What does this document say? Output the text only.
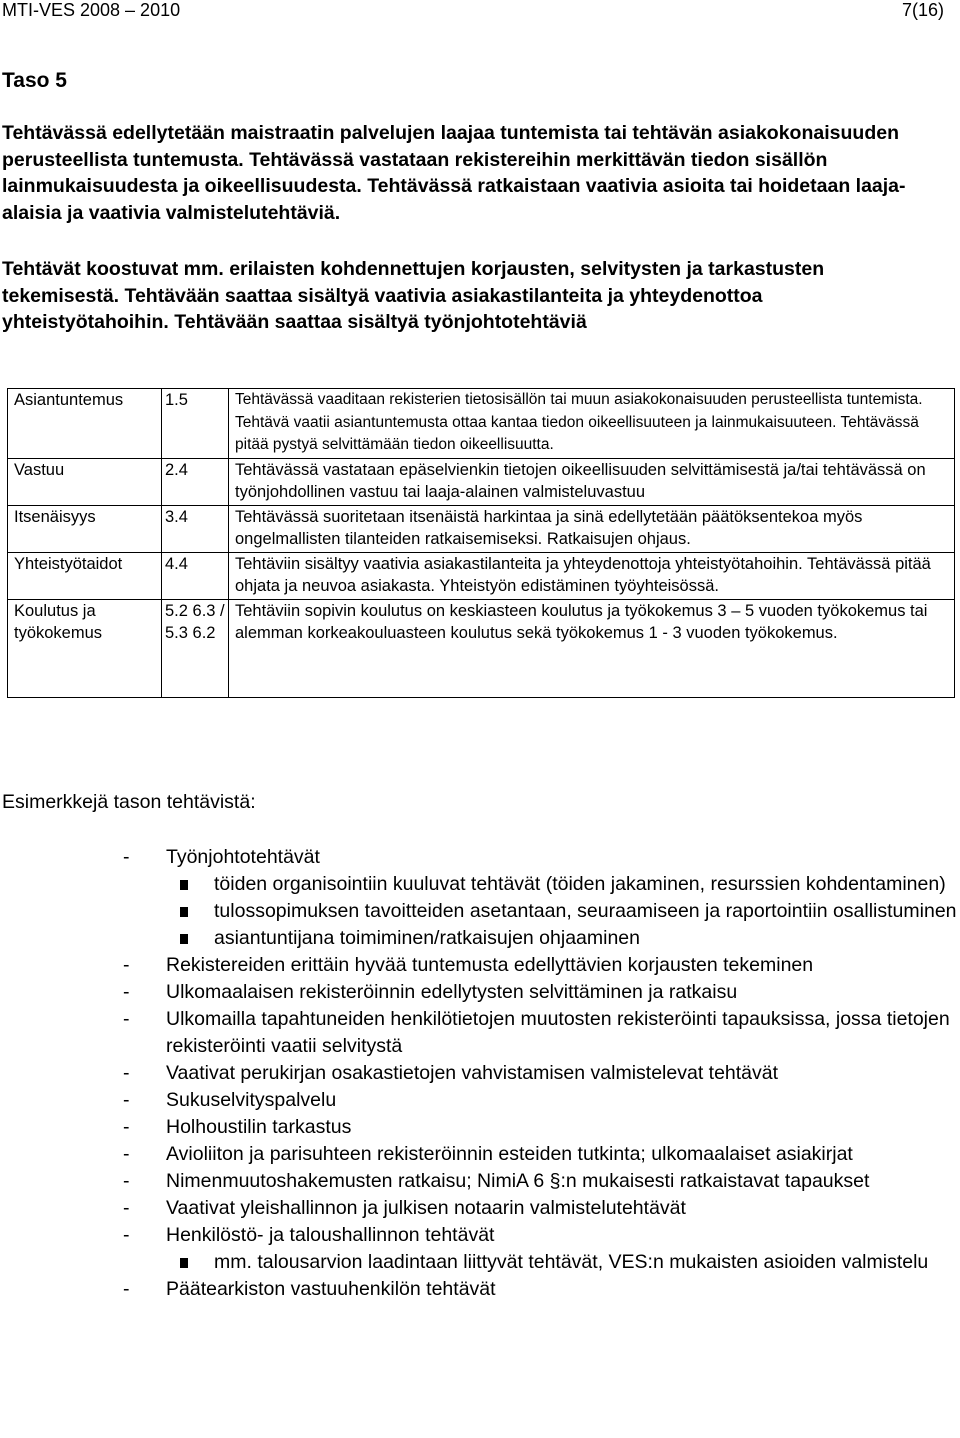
MTI-VES 2008 – 2010	7(16)
Taso 5
Tehtävässä edellytetään maistraatin palvelujen laajaa tuntemista tai tehtävän asiakokonaisuuden perusteellista tuntemusta. Tehtävässä vastataan rekistereihin merkittävän tiedon sisällön lainmukaisuudesta ja oikeellisuudesta. Tehtävässä ratkaistaan vaativia asioita tai hoidetaan laaja-alaisia ja vaativia valmistelutehtäviä.
Tehtävät koostuvat mm. erilaisten kohdennettujen korjausten, selvitysten ja tarkastusten tekemisestä. Tehtävään saattaa sisältyä vaativia asiakastilanteita ja yhteydenottoa yhteistyötahoihin. Tehtävään saattaa sisältyä työnjohtotehtäviä
Asiantuntemus	1.5	Tehtävässä vaaditaan rekisterien tietosisällön tai muun asiakokonaisuuden perusteellista tuntemista. Tehtävä vaatii asiantuntemusta ottaa kantaa tiedon oikeellisuuteen ja lainmukaisuuteen. Tehtävässä pitää pystyä selvittämään tiedon oikeellisuutta.
Vastuu	2.4	Tehtävässä vastataan epäselvienkin tietojen oikeellisuuden selvittämisestä ja/tai tehtävässä on työnjohdollinen vastuu tai laaja-alainen valmisteluvastuu
Itsenäisyys	3.4	Tehtävässä suoritetaan itsenäistä harkintaa ja sinä edellytetään päätöksentekoa myös ongelmallisten tilanteiden ratkaisemiseksi. Ratkaisujen ohjaus.
Yhteistyötaidot	4.4	Tehtäviin sisältyy vaativia asiakastilanteita ja yhteydenottoja yhteistyötahoihin. Tehtävässä pitää ohjata ja neuvoa asiakasta. Yhteistyön edistäminen työyhteisössä.
Koulutus ja työkokemus	5.2 6.3 / 5.3 6.2	Tehtäviin sopivin koulutus on keskiasteen koulutus ja työkokemus 3 – 5 vuoden työkokemus tai alemman korkeakouluasteen koulutus sekä työkokemus 1 - 3 vuoden työkokemus.
Esimerkkejä tason tehtävistä:
- Työnjohtotehtävät
töiden organisointiin kuuluvat tehtävät (töiden jakaminen, resurssien kohdentaminen)
tulossopimuksen tavoitteiden asetantaan, seuraamiseen ja raportointiin osallistuminen
asiantuntijana toimiminen/ratkaisujen ohjaaminen
- Rekistereiden erittäin hyvää tuntemusta edellyttävien korjausten tekeminen
- Ulkomaalaisen rekisteröinnin edellytysten selvittäminen ja ratkaisu
- Ulkomailla tapahtuneiden henkilötietojen muutosten rekisteröinti tapauksissa, jossa tietojen rekisteröinti vaatii selvitystä
- Vaativat perukirjan osakastietojen vahvistamisen valmistelevat tehtävät
- Sukuselvityspalvelu
- Holhoustilin tarkastus
- Avioliiton ja parisuhteen rekisteröinnin esteiden tutkinta; ulkomaalaiset asiakirjat
- Nimenmuutoshakemusten ratkaisu; NimiA 6 §:n mukaisesti ratkaistavat tapaukset
- Vaativat yleishallinnon ja julkisen notaarin valmistelutehtävät
- Henkilöstö- ja taloushallinnon tehtävät
mm. talousarvion laadintaan liittyvät tehtävät, VES:n mukaisten asioiden valmistelu
- Päätearkiston vastuuhenkilön tehtävät
